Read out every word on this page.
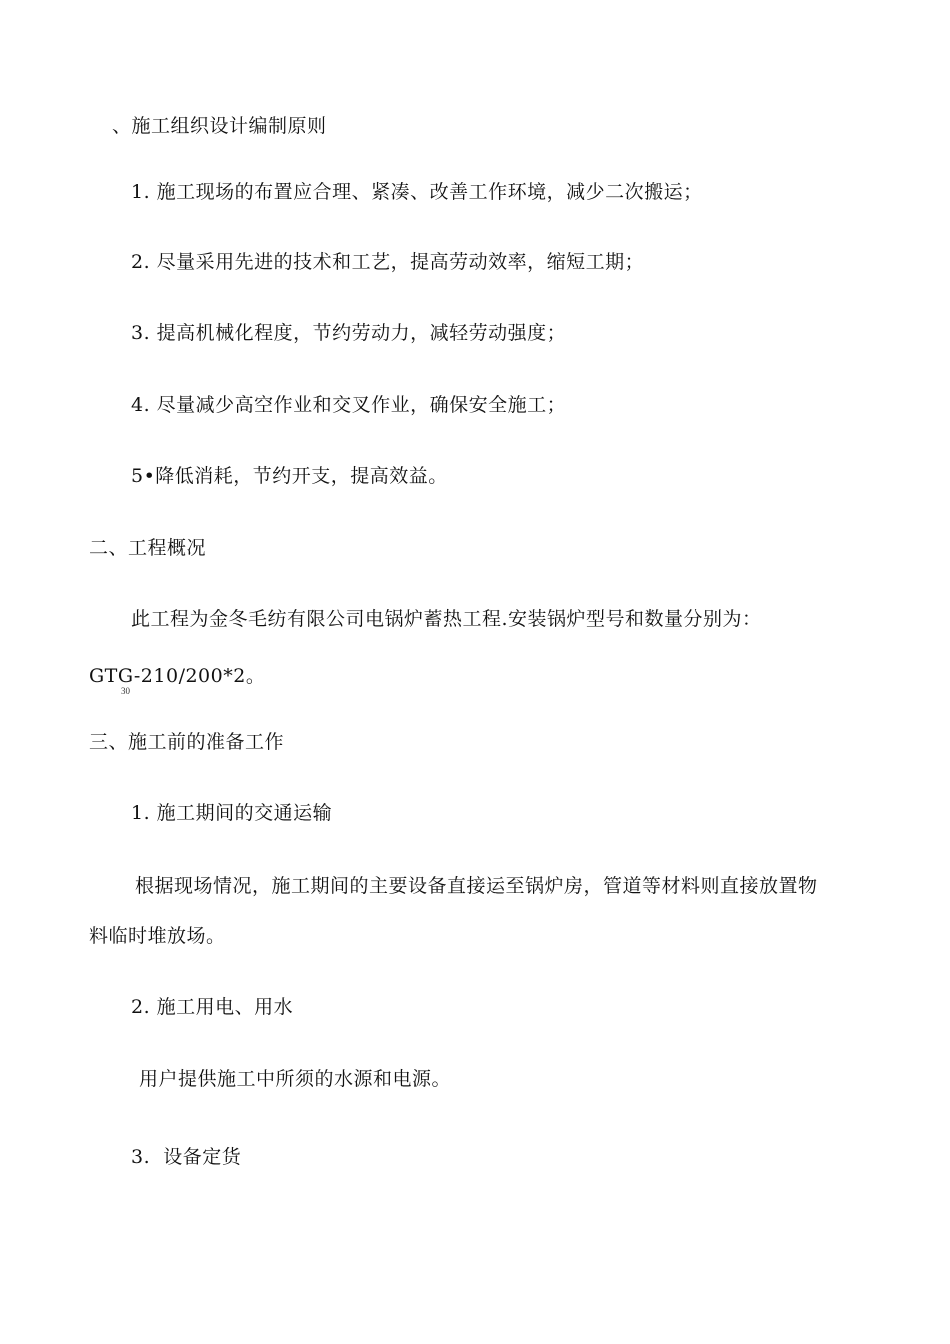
、施工组织设计编制原则
1. 施工现场的布置应合理、紧凑、改善工作环境，减少二次搬运；
2. 尽量采用先进的技术和工艺，提高劳动效率，缩短工期；
3. 提高机械化程度，节约劳动力，减轻劳动强度；
4. 尽量减少高空作业和交叉作业，确保安全施工；
5•降低消耗，节约开支，提高效益。
二、工程概况
此工程为金冬毛纺有限公司电锅炉蓄热工程.安装锅炉型号和数量分别为：
GTG-210/200*2。
30
三、施工前的准备工作
1. 施工期间的交通运输
根据现场情况，施工期间的主要设备直接运至锅炉房，管道等材料则直接放置物
料临时堆放场。
2. 施工用电、用水
用户提供施工中所须的水源和电源。
3.  设备定货
